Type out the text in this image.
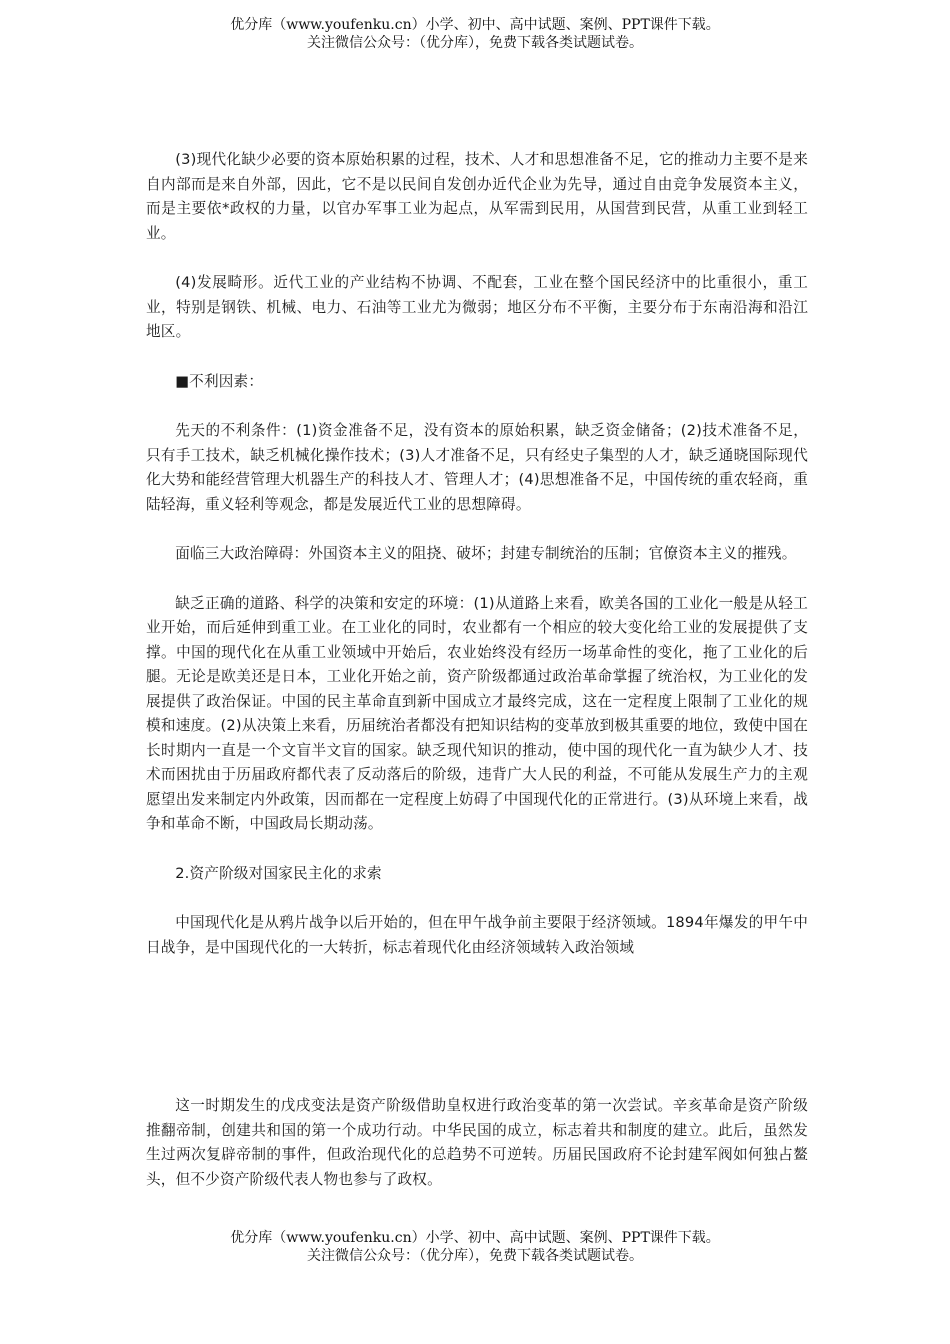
优分库（www.youfenku.cn）小学、初中、高中试题、案例、PPT课件下载。
关注微信公众号：（优分库），免费下载各类试题试卷。

(3)现代化缺少必要的资本原始积累的过程，技术、人才和思想准备不足，它的推动力主要不是来自内部而是来自外部，因此，它不是以民间自发创办近代企业为先导，通过自由竞争发展资本主义，而是主要依*政权的力量，以官办军事工业为起点，从军需到民用，从国营到民营，从重工业到轻工业。

(4)发展畸形。近代工业的产业结构不协调、不配套，工业在整个国民经济中的比重很小，重工业，特别是钢铁、机械、电力、石油等工业尤为微弱；地区分布不平衡，主要分布于东南沿海和沿江地区。

■不利因素：

先天的不利条件：(1)资金准备不足，没有资本的原始积累，缺乏资金储备；(2)技术准备不足，只有手工技术，缺乏机械化操作技术；(3)人才准备不足，只有经史子集型的人才，缺乏通晓国际现代化大势和能经营管理大机器生产的科技人才、管理人才；(4)思想准备不足，中国传统的重农轻商，重陆轻海，重义轻利等观念，都是发展近代工业的思想障碍。

面临三大政治障碍：外国资本主义的阻挠、破坏；封建专制统治的压制；官僚资本主义的摧残。

缺乏正确的道路、科学的决策和安定的环境：(1)从道路上来看，欧美各国的工业化一般是从轻工业开始，而后延伸到重工业。在工业化的同时，农业都有一个相应的较大变化给工业的发展提供了支撑。中国的现代化在从重工业领域中开始后，农业始终没有经历一场革命性的变化，拖了工业化的后腿。无论是欧美还是日本，工业化开始之前，资产阶级都通过政治革命掌握了统治权，为工业化的发展提供了政治保证。中国的民主革命直到新中国成立才最终完成，这在一定程度上限制了工业化的规模和速度。(2)从决策上来看，历届统治者都没有把知识结构的变革放到极其重要的地位，致使中国在长时期内一直是一个文盲半文盲的国家。缺乏现代知识的推动，使中国的现代化一直为缺少人才、技术而困扰由于历届政府都代表了反动落后的阶级，违背广大人民的利益，不可能从发展生产力的主观愿望出发来制定内外政策，因而都在一定程度上妨碍了中国现代化的正常进行。(3)从环境上来看，战争和革命不断，中国政局长期动荡。

2.资产阶级对国家民主化的求索

中国现代化是从鸦片战争以后开始的，但在甲午战争前主要限于经济领域。1894年爆发的甲午中日战争，是中国现代化的一大转折，标志着现代化由经济领域转入政治领域

这一时期发生的戊戌变法是资产阶级借助皇权进行政治变革的第一次尝试。辛亥革命是资产阶级推翻帝制，创建共和国的第一个成功行动。中华民国的成立，标志着共和制度的建立。此后，虽然发生过两次复辟帝制的事件，但政治现代化的总趋势不可逆转。历届民国政府不论封建军阀如何独占鳌头，但不少资产阶级代表人物也参与了政权。

优分库（www.youfenku.cn）小学、初中、高中试题、案例、PPT课件下载。
关注微信公众号：（优分库），免费下载各类试题试卷。
